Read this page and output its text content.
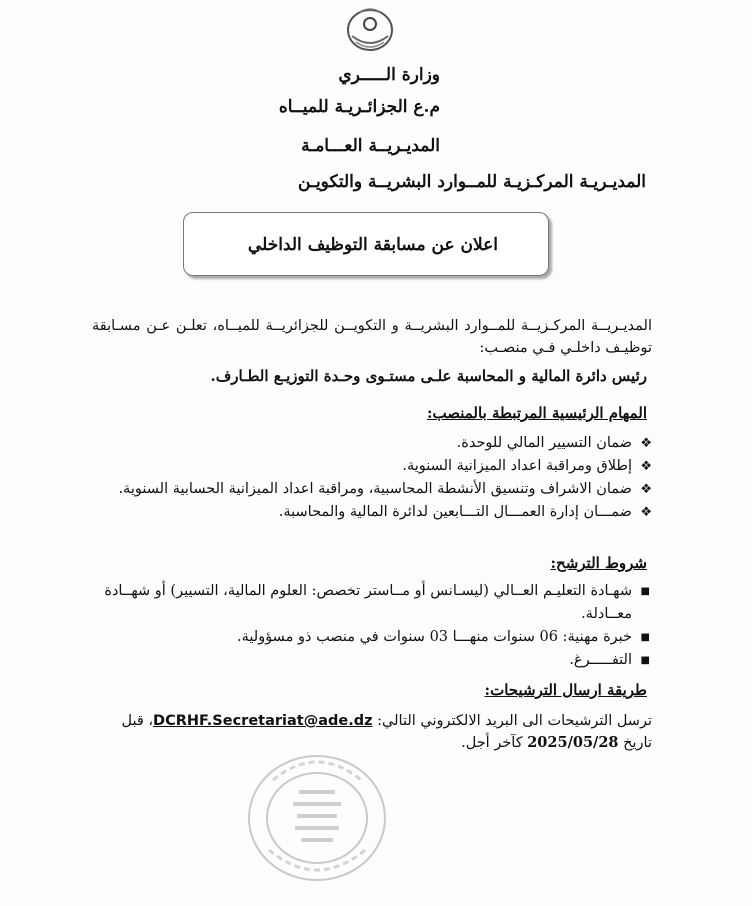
وزارة الـــــري
م.ع الجزائـريـة للميــاه
المديـريــة العـــامـة
المديـريـة المركـزيـة للمــوارد البشريــة والتكويـن
اعلان عن مسابقة التوظيف الداخلي
المديـريــة المركـزيــة للمــوارد البشريــة و التكويــن للجزائريــة للميــاه، تعلـن عـن مسـابقة توظيـف داخلـي فـي منصـب:
رئيس دائرة المالية و المحاسبة علـى مستـوى وحـدة التوزيـع الطـارف.
المهام الرئيسية المرتبطة بالمنصب:
❖
ضمان التسيير المالي للوحدة.
❖
إطلاق ومراقبة اعداد الميزانية السنوية.
❖
ضمان الاشراف وتنسيق الأنشطة المحاسبية، ومراقبة اعداد الميزانية الحسابية السنوية.
❖
ضمـــان إدارة العمـــال التـــابعين لدائرة المالية والمحاسبة.
شروط الترشح:
■
شهـادة التعليـم العــالي (ليسـانس أو مــاستر تخصص: العلوم المالية، التسيير) أو شهــادة معــادلة.
■
خبرة مهنية: 06 سنوات منهـــا 03 سنوات في منصب ذو مسؤولية.
■
التفـــــرغ.
طريقة ارسال الترشيحات:
ترسل الترشيحات الى البريد الالكتروني التالي: DCRHF.Secretariat@ade.dz، قبل تاريخ 2025/05/28 كآخر أجل.
